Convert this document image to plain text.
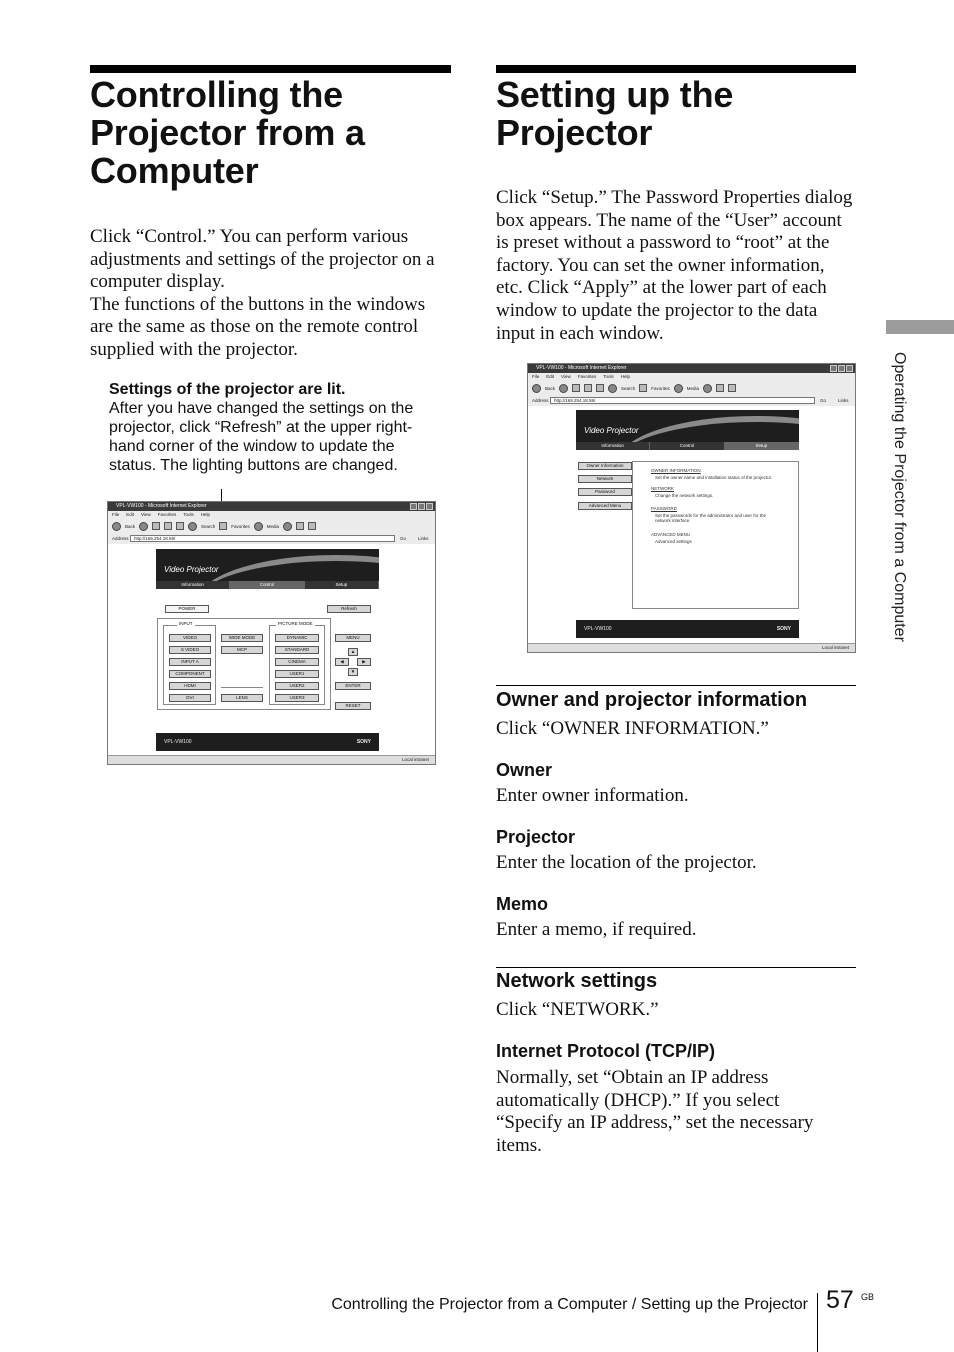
Controlling the
Projector from a
Computer
Click “Control.” You can perform various adjustments and settings of the projector on a computer display.
The functions of the buttons in the windows are the same as those on the remote control supplied with the projector.
Settings of the projector are lit.
After you have changed the settings on the projector, click “Refresh” at the upper right-hand corner of the window to update the status. The lighting buttons are changed.
VPL-VW100 - Microsoft Internet Explorer
File Edit View Favorites Tools Help
Back	Search	Favorites	Media
Address	http://169.254.18.59/	Go	Links
Video Projector
Information	Control	Setup
POWER	Refresh
INPUT
VIDEO
S VIDEO
INPUT A
COMPONENT
HDMI
DVI
WIDE MODE
MCP
LENS
PICTURE MODE
DYNAMIC
STANDARD
CINEMA
USER1
USER2
USER3
MENU
▲
◀	▶
▼
ENTER
RESET
VPL-VW100	SONY
Local intranet
Setting up the
Projector
Click “Setup.” The Password Properties dialog box appears. The name of the “User” account is preset without a password to “root” at the factory. You can set the owner information, etc. Click “Apply” at the lower part of each window to update the projector to the data input in each window.
VPL-VW100 - Microsoft Internet Explorer
File Edit View Favorites Tools Help
Back	Search	Favorites	Media
Address	http://169.254.18.59/	Go	Links
Video Projector
Information	Control	Setup
Owner Information
Network
Password
Advanced Menu
OWNER INFORMATION
Set the owner name and installation status of the projector.
NETWORK
Change the network settings.
PASSWORD
Set the passwords for the administrator and user for the network interface.
ADVANCED MENU
Advanced settings
VPL-VW100	SONY
Local intranet
Owner and projector information
Click “OWNER INFORMATION.”
Owner
Enter owner information.
Projector
Enter the location of the projector.
Memo
Enter a memo, if required.
Network settings
Click “NETWORK.”
Internet Protocol (TCP/IP)
Normally, set “Obtain an IP address automatically (DHCP).” If you select “Specify an IP address,” set the necessary items.
Operating the Projector from a Computer
Controlling the Projector from a Computer / Setting up the Projector 57 GB
